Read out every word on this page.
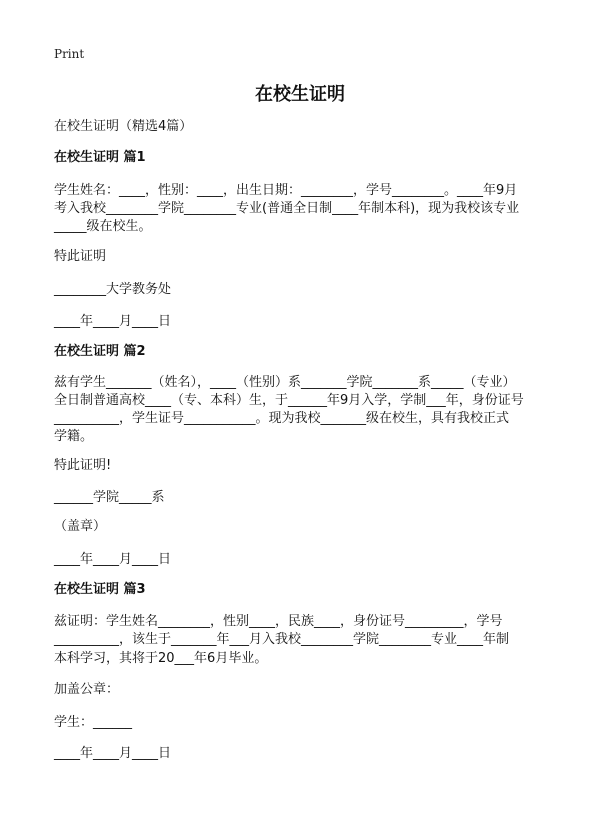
Print
在校生证明
在校生证明（精选4篇）
在校生证明 篇1
学生姓名：____，性别：____，出生日期：________，学号________。____年9月
考入我校________学院________专业(普通全日制____年制本科)，现为我校该专业
_____级在校生。
特此证明
________大学教务处
____年____月____日
在校生证明 篇2
兹有学生_______（姓名），____（性别）系_______学院_______系_____（专业）
全日制普通高校____（专、本科）生，于______年9月入学，学制___年，身份证号
__________，学生证号___________。现为我校_______级在校生，具有我校正式
学籍。
特此证明!
______学院_____系
（盖章）
____年____月____日
在校生证明 篇3
兹证明：学生姓名________，性别____，民族____，身份证号_________，学号
__________，该生于_______年___月入我校________学院________专业____年制
本科学习，其将于20___年6月毕业。
加盖公章：
学生：______
____年____月____日
